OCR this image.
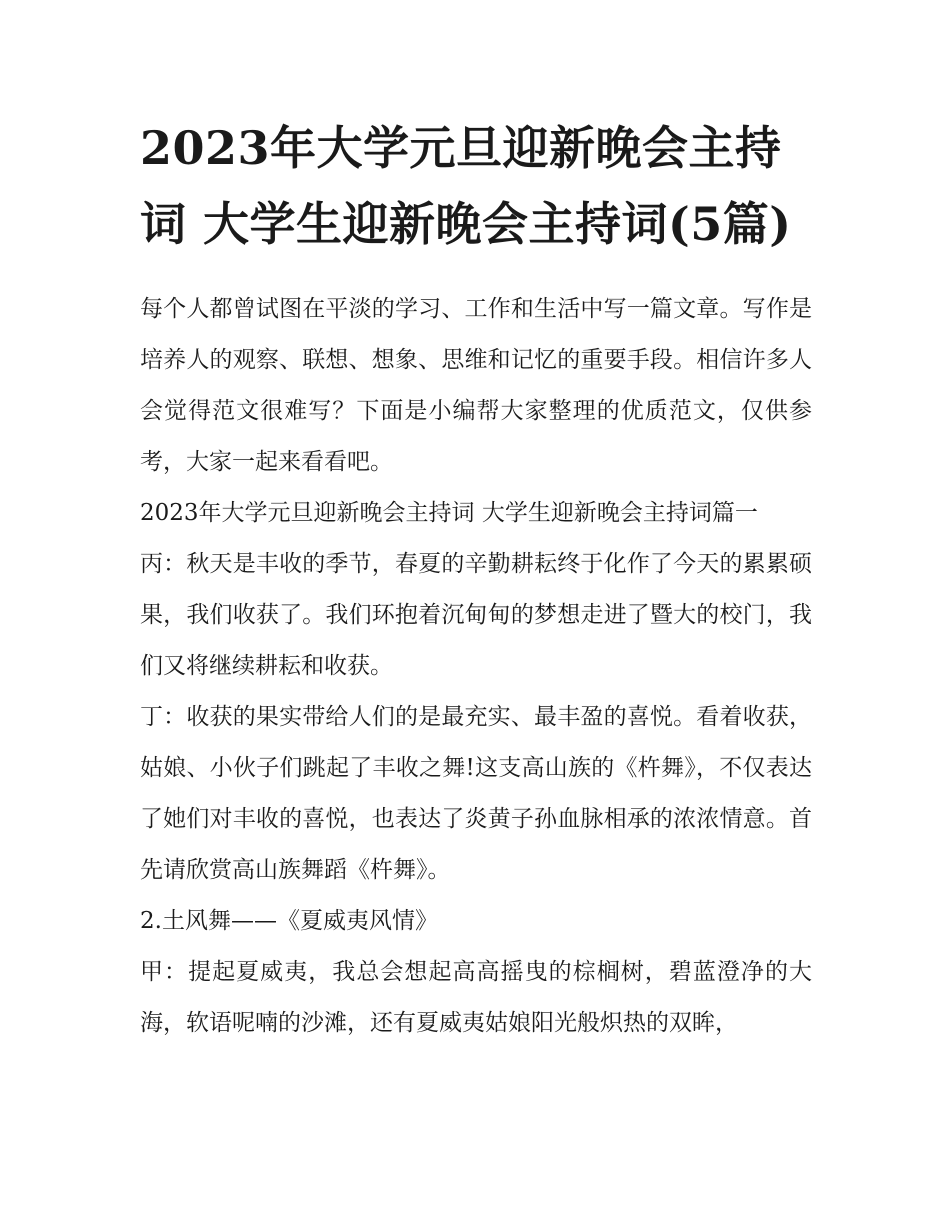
2023年大学元旦迎新晚会主持词 大学生迎新晚会主持词(5篇)

每个人都曾试图在平淡的学习、工作和生活中写一篇文章。写作是培养人的观察、联想、想象、思维和记忆的重要手段。相信许多人会觉得范文很难写？下面是小编帮大家整理的优质范文，仅供参考，大家一起来看看吧。

2023年大学元旦迎新晚会主持词 大学生迎新晚会主持词篇一

丙：秋天是丰收的季节，春夏的辛勤耕耘终于化作了今天的累累硕果，我们收获了。我们环抱着沉甸甸的梦想走进了暨大的校门，我们又将继续耕耘和收获。

丁：收获的果实带给人们的是最充实、最丰盈的喜悦。看着收获，姑娘、小伙子们跳起了丰收之舞!这支高山族的《杵舞》，不仅表达了她们对丰收的喜悦，也表达了炎黄子孙血脉相承的浓浓情意。首先请欣赏高山族舞蹈《杵舞》。

2.土风舞——《夏威夷风情》

甲：提起夏威夷，我总会想起高高摇曳的棕榈树，碧蓝澄净的大海，软语呢喃的沙滩，还有夏威夷姑娘阳光般炽热的双眸，
